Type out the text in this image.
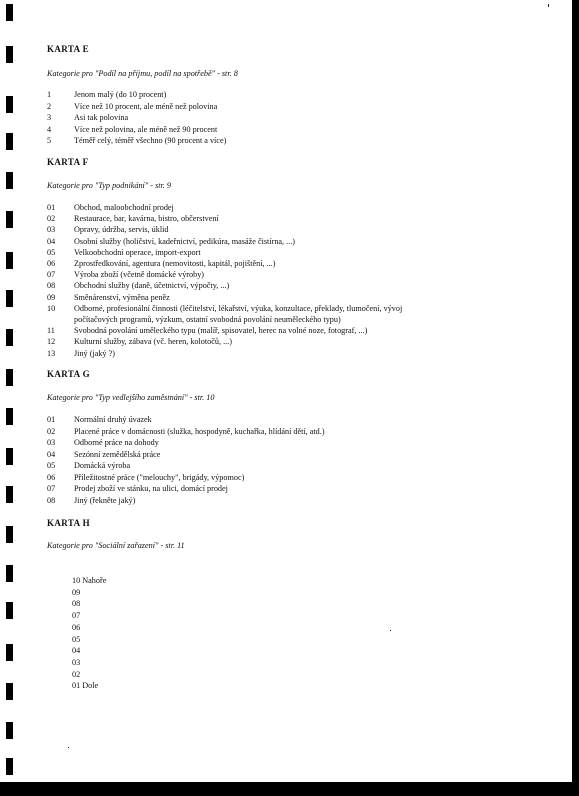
KARTA E
Kategorie pro "Podíl na příjmu, podíl na spotřebě" - str. 8
1	Jenom malý (do 10 procent)
2	Více než 10 procent, ale méně než polovina
3	Asi tak polovina
4	Více než polovina, ale méně než 90 procent
5	Téměř celý, téměř všechno (90 procent a více)
KARTA F
Kategorie pro "Typ podnikání" - str. 9
01	Obchod, maloobchodní prodej
02	Restaurace, bar, kavárna, bistro, občerstvení
03	Opravy, údržba, servis, úklid
04	Osobní služby (holičství, kadeřnictví, pedikúra, masáže čistírna, ...)
05	Velkoobchodní operace, import-export
06	Zprostředkování, agentura (nemovitosti, kapitál, pojištění, ...)
07	Výroba zboží (včetně domácké výroby)
08	Obchodní služby (daně, účetnictví, výpočty, ...)
09	Směnárenství, výměna peněz
10	Odborné, profesionální činnosti (léčitelství, lékařství, výuka, konzultace, překlady, tlumočení, vývoj
počítačových programů, výzkum, ostatní svobodná povolání neuměleckého typu)
11	Svobodná povolání uměleckého typu (malíř, spisovatel, herec na volné noze, fotograf, ...)
12	Kulturní služby, zábava (vč. heren, kolotočů, ...)
13	Jiný (jaký ?)
KARTA G
Kategorie pro "Typ vedlejšího zaměstnání" - str. 10
01	Normální druhý úvazek
02	Placené práce v domácnosti (služka, hospodyně, kuchařka, hlídání dětí, atd.)
03	Odborné práce na dohody
04	Sezónní zemědělská práce
05	Domácká výroba
06	Příležitostné práce ("melouchy", brigády, výpomoc)
07	Prodej zboží ve stánku, na ulici, domácí prodej
08	Jiný (řekněte jaký)
KARTA H
Kategorie pro "Sociální zařazení" - str. 11
10 Nahoře
09
08
07
06
05
04
03
02
01 Dole
